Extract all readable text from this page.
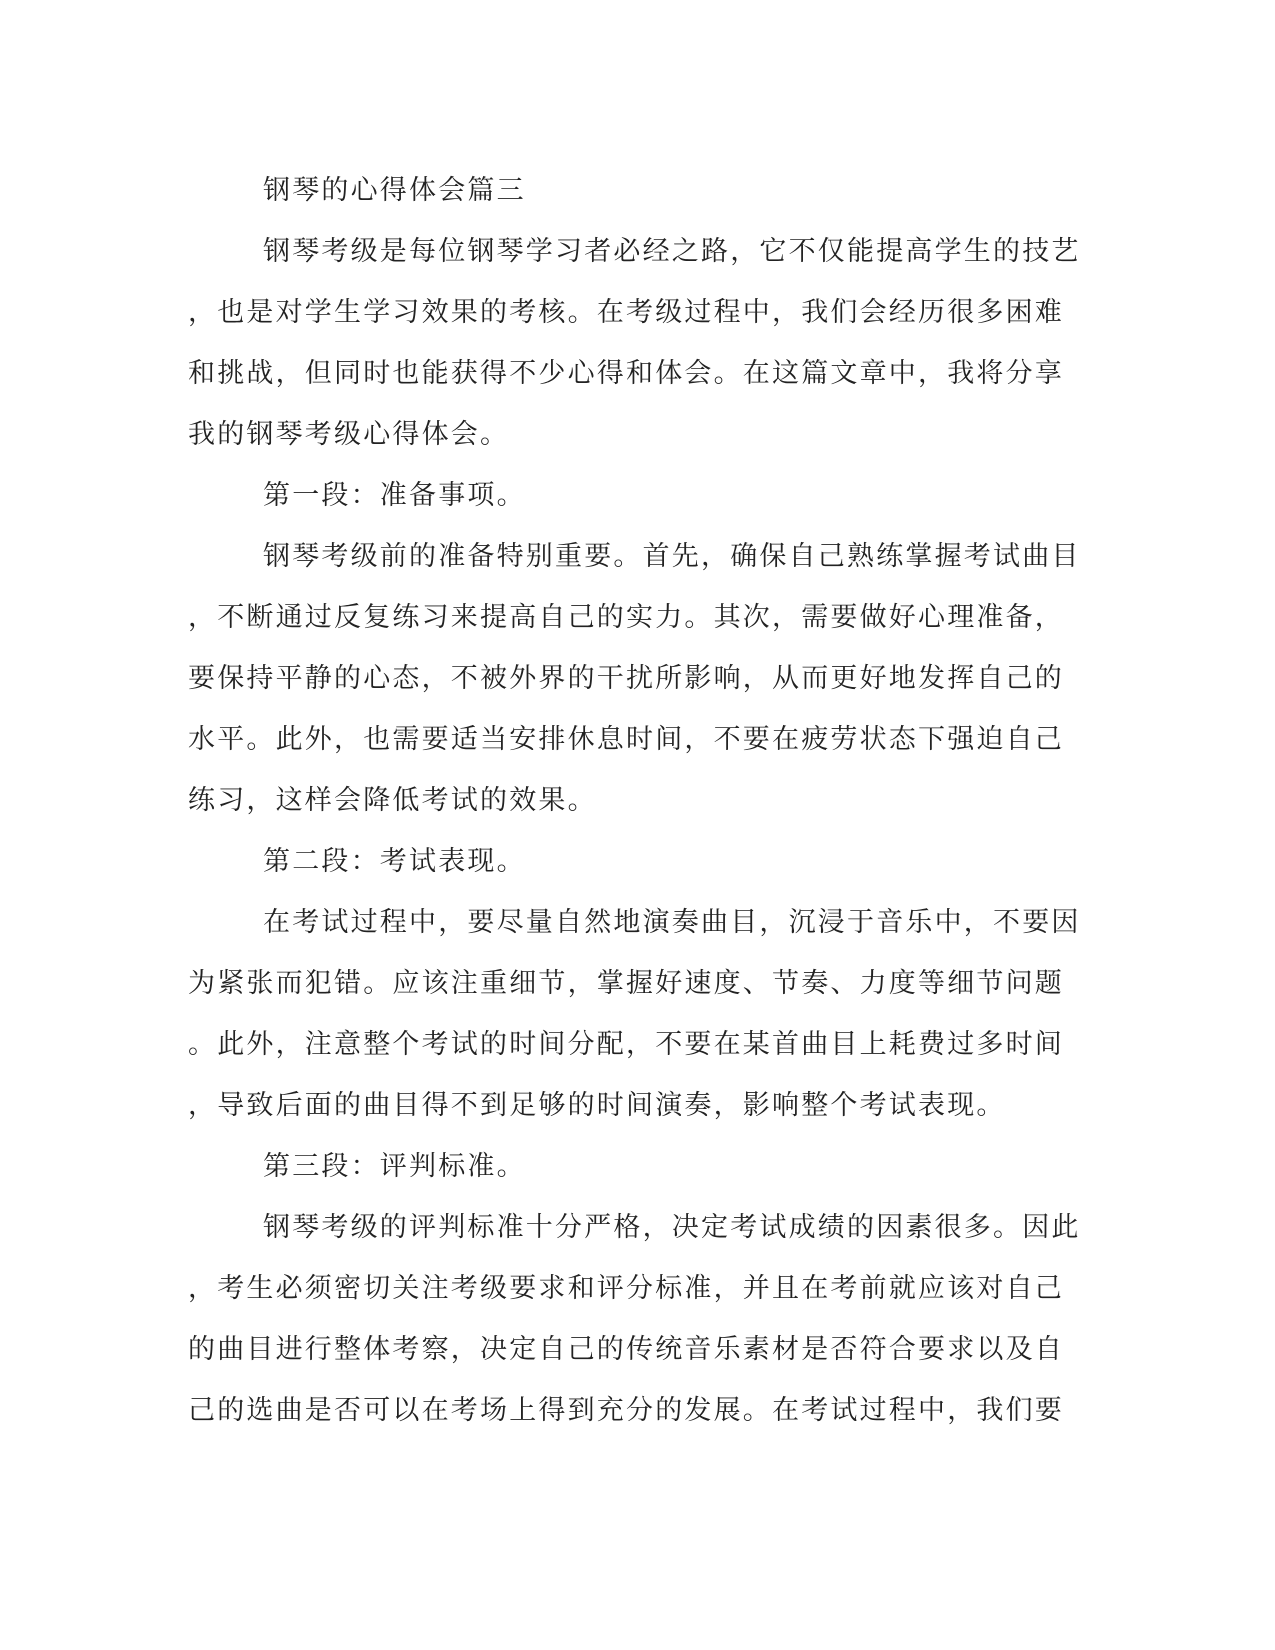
钢琴的心得体会篇三
钢琴考级是每位钢琴学习者必经之路，它不仅能提高学生的技艺
，也是对学生学习效果的考核。在考级过程中，我们会经历很多困难
和挑战，但同时也能获得不少心得和体会。在这篇文章中，我将分享
我的钢琴考级心得体会。
第一段：准备事项。
钢琴考级前的准备特别重要。首先，确保自己熟练掌握考试曲目
，不断通过反复练习来提高自己的实力。其次，需要做好心理准备，
要保持平静的心态，不被外界的干扰所影响，从而更好地发挥自己的
水平。此外，也需要适当安排休息时间，不要在疲劳状态下强迫自己
练习，这样会降低考试的效果。
第二段：考试表现。
在考试过程中，要尽量自然地演奏曲目，沉浸于音乐中，不要因
为紧张而犯错。应该注重细节，掌握好速度、节奏、力度等细节问题
。此外，注意整个考试的时间分配，不要在某首曲目上耗费过多时间
，导致后面的曲目得不到足够的时间演奏，影响整个考试表现。
第三段：评判标准。
钢琴考级的评判标准十分严格，决定考试成绩的因素很多。因此
，考生必须密切关注考级要求和评分标准，并且在考前就应该对自己
的曲目进行整体考察，决定自己的传统音乐素材是否符合要求以及自
己的选曲是否可以在考场上得到充分的发展。在考试过程中，我们要
